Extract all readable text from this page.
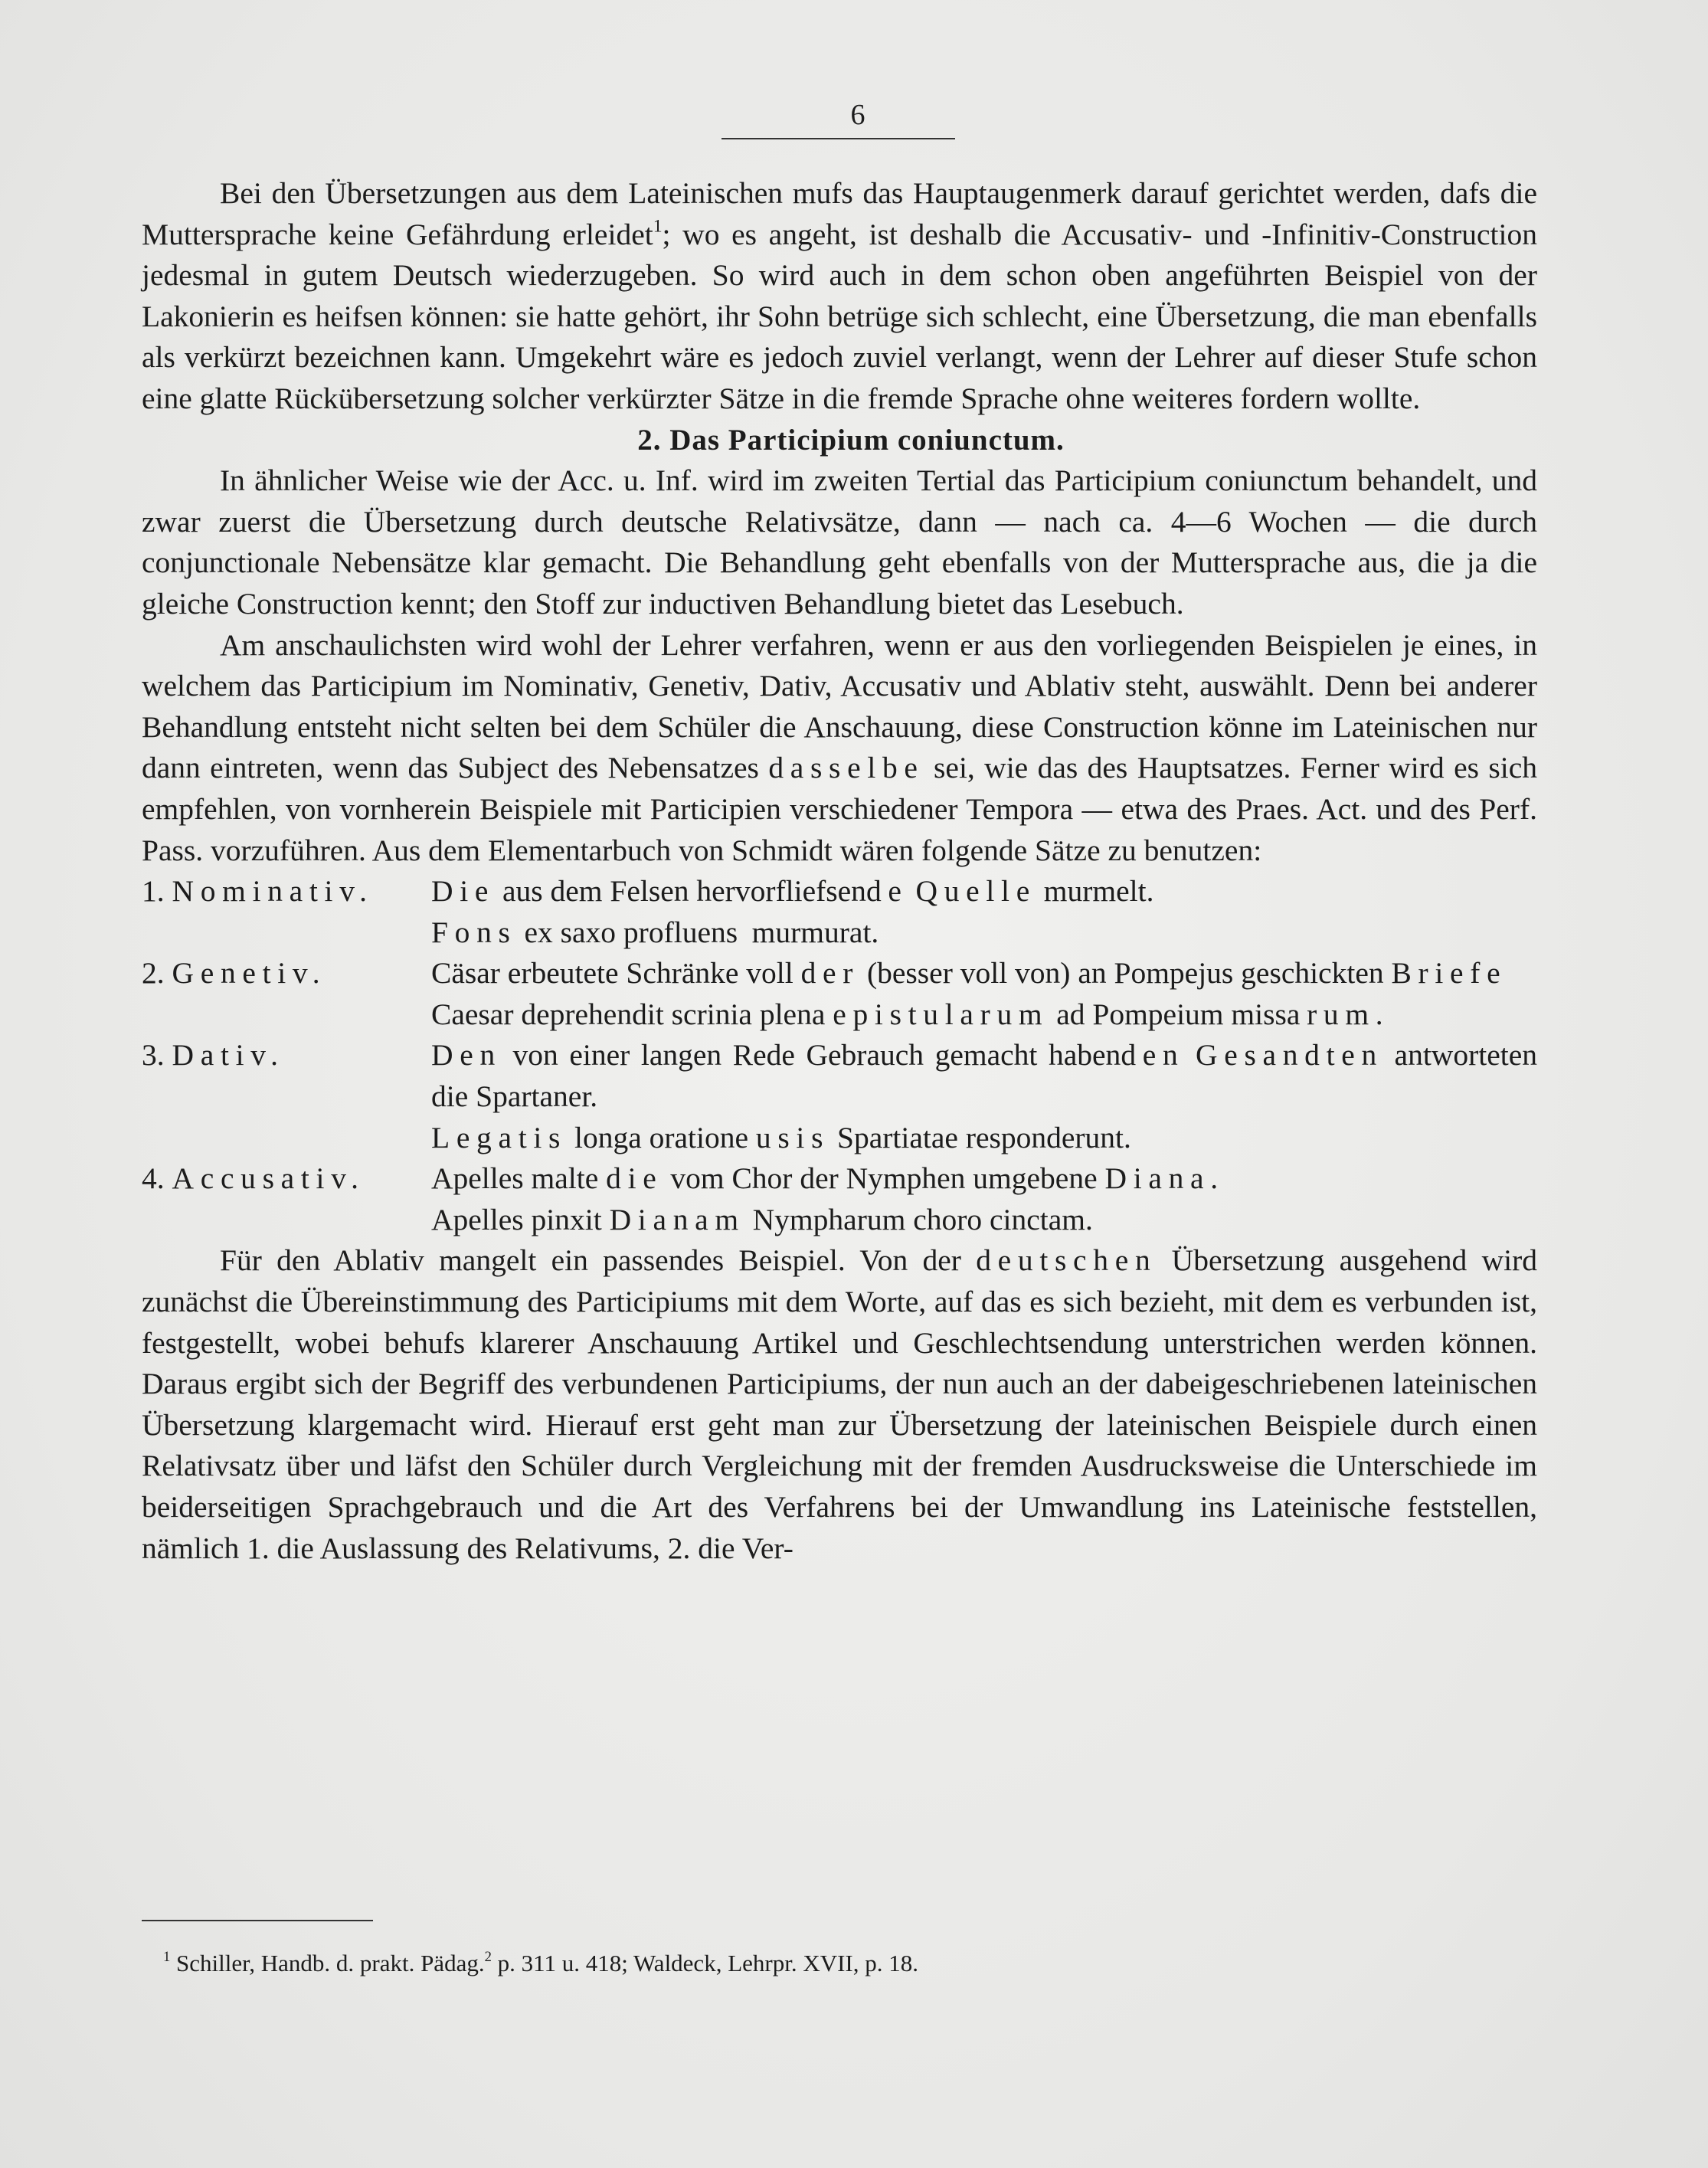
6

Bei den Übersetzungen aus dem Lateinischen mufs das Hauptaugenmerk darauf gerichtet werden, dafs die Muttersprache keine Gefährdung erleidet$^1$; wo es angeht, ist deshalb die Accusativ- und -Infinitiv-Construction jedesmal in gutem Deutsch wiederzugeben. So wird auch in dem schon oben angeführten Beispiel von der Lakonierin es heifsen können: sie hatte gehört, ihr Sohn betrüge sich schlecht, eine Übersetzung, die man ebenfalls als verkürzt bezeichnen kann. Umgekehrt wäre es jedoch zuviel verlangt, wenn der Lehrer auf dieser Stufe schon eine glatte Rückübersetzung solcher verkürzter Sätze in die fremde Sprache ohne weiteres fordern wollte.

2. Das Participium coniunctum.

In ähnlicher Weise wie der Acc. u. Inf. wird im zweiten Tertial das Participium coniunctum behandelt, und zwar zuerst die Übersetzung durch deutsche Relativsätze, dann — nach ca. 4—6 Wochen — die durch conjunctionale Nebensätze klar gemacht. Die Behandlung geht ebenfalls von der Muttersprache aus, die ja die gleiche Construction kennt; den Stoff zur inductiven Behandlung bietet das Lesebuch.

Am anschaulichsten wird wohl der Lehrer verfahren, wenn er aus den vorliegenden Beispielen je eines, in welchem das Participium im Nominativ, Genetiv, Dativ, Accusativ und Ablativ steht, auswählt. Denn bei anderer Behandlung entsteht nicht selten bei dem Schüler die Anschauung, diese Construction könne im Lateinischen nur dann eintreten, wenn das Subject des Nebensatzes dasselbe sei, wie das des Hauptsatzes. Ferner wird es sich empfehlen, von vornherein Beispiele mit Participien verschiedener Tempora — etwa des Praes. Act. und des Perf. Pass. vorzuführen. Aus dem Elementarbuch von Schmidt wären folgende Sätze zu benutzen:

1. Nominativ.	Die aus dem Felsen hervorfliefsende Quelle murmelt.
Fons ex saxo profluens murmurat.
2. Genetiv.	Cäsar erbeutete Schränke voll der (besser voll von) an Pompejus geschickten Briefe
Caesar deprehendit scrinia plena epistularum ad Pompeium missarum.
3. Dativ.	Den von einer langen Rede Gebrauch gemacht habenden Gesandten antworteten die Spartaner.
Legatis longa oratione usis Spartiatae responderunt.
4. Accusativ.	Apelles malte die vom Chor der Nymphen umgebene Diana.
Apelles pinxit Dianam Nympharum choro cinctam.

Für den Ablativ mangelt ein passendes Beispiel. Von der deutschen Übersetzung ausgehend wird zunächst die Übereinstimmung des Participiums mit dem Worte, auf das es sich bezieht, mit dem es verbunden ist, festgestellt, wobei behufs klarerer Anschauung Artikel und Geschlechtsendung unterstrichen werden können. Daraus ergibt sich der Begriff des verbundenen Participiums, der nun auch an der dabeigeschriebenen lateinischen Übersetzung klargemacht wird. Hierauf erst geht man zur Übersetzung der lateinischen Beispiele durch einen Relativsatz über und läfst den Schüler durch Vergleichung mit der fremden Ausdrucksweise die Unterschiede im beiderseitigen Sprachgebrauch und die Art des Verfahrens bei der Umwandlung ins Lateinische feststellen, nämlich 1. die Auslassung des Relativums, 2. die Ver-

$^1$ Schiller, Handb. d. prakt. Pädag.$^2$ p. 311 u. 418; Waldeck, Lehrpr. XVII, p. 18.
